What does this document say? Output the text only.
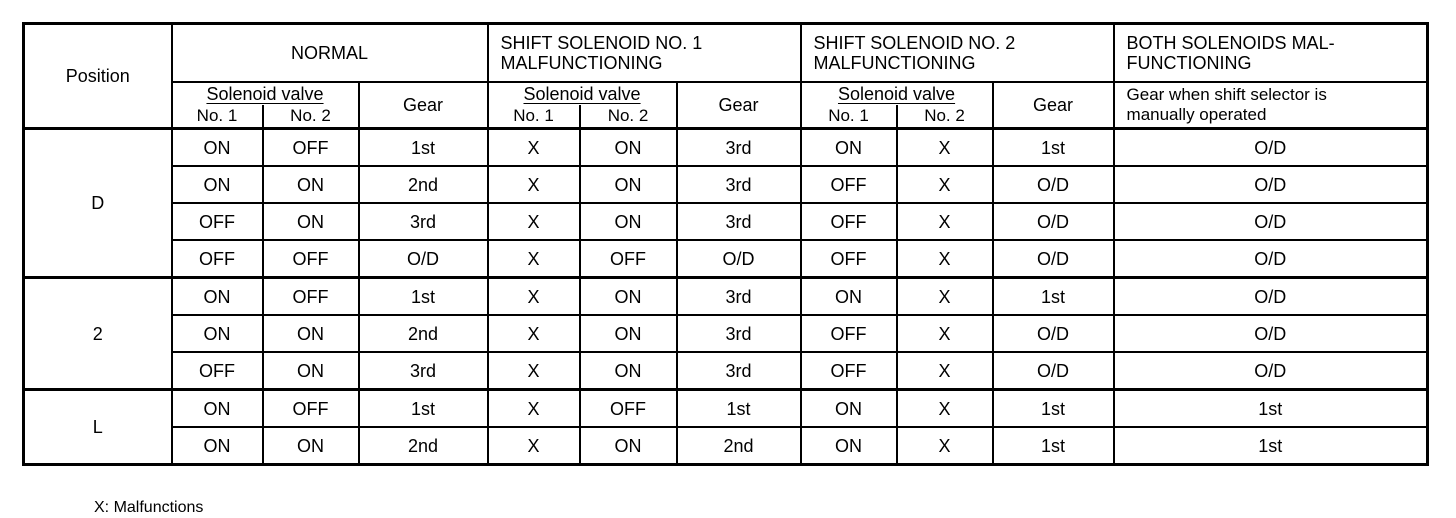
Position	NORMAL			SHIFT SOLENOID NO. 1
MALFUNCTIONING			SHIFT SOLENOID NO. 2
MALFUNCTIONING			BOTH SOLENOIDS MAL-
FUNCTIONING
	Solenoid valve		Gear	Solenoid valve		Gear	Solenoid valve		Gear	Gear when shift selector is
manually operated
	No. 1	No. 2		No. 1	No. 2		No. 1	No. 2		
D	ON	OFF	1st	X	ON	3rd	ON	X	1st	O/D
	ON	ON	2nd	X	ON	3rd	OFF	X	O/D	O/D
	OFF	ON	3rd	X	ON	3rd	OFF	X	O/D	O/D
	OFF	OFF	O/D	X	OFF	O/D	OFF	X	O/D	O/D
2	ON	OFF	1st	X	ON	3rd	ON	X	1st	O/D
	ON	ON	2nd	X	ON	3rd	OFF	X	O/D	O/D
	OFF	ON	3rd	X	ON	3rd	OFF	X	O/D	O/D
L	ON	OFF	1st	X	OFF	1st	ON	X	1st	1st
	ON	ON	2nd	X	ON	2nd	ON	X	1st	1st
X: Malfunctions
